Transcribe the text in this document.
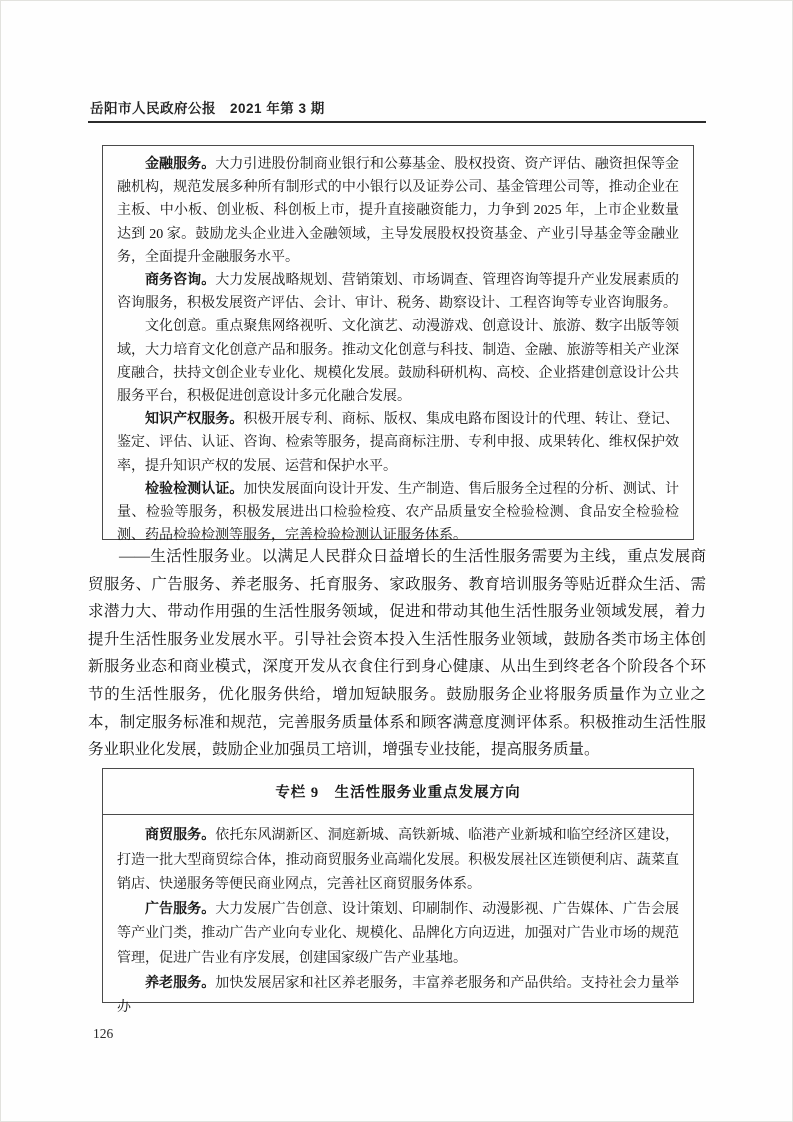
岳阳市人民政府公报　2021 年第 3 期

金融服务。大力引进股份制商业银行和公募基金、股权投资、资产评估、融资担保等金融机构，规范发展多种所有制形式的中小银行以及证券公司、基金管理公司等，推动企业在主板、中小板、创业板、科创板上市，提升直接融资能力，力争到 2025 年，上市企业数量达到 20 家。鼓励龙头企业进入金融领域，主导发展股权投资基金、产业引导基金等金融业务，全面提升金融服务水平。

商务咨询。大力发展战略规划、营销策划、市场调查、管理咨询等提升产业发展素质的咨询服务，积极发展资产评估、会计、审计、税务、勘察设计、工程咨询等专业咨询服务。

文化创意。重点聚焦网络视听、文化演艺、动漫游戏、创意设计、旅游、数字出版等领域，大力培育文化创意产品和服务。推动文化创意与科技、制造、金融、旅游等相关产业深度融合，扶持文创企业专业化、规模化发展。鼓励科研机构、高校、企业搭建创意设计公共服务平台，积极促进创意设计多元化融合发展。

知识产权服务。积极开展专利、商标、版权、集成电路布图设计的代理、转让、登记、鉴定、评估、认证、咨询、检索等服务，提高商标注册、专利申报、成果转化、维权保护效率，提升知识产权的发展、运营和保护水平。

检验检测认证。加快发展面向设计开发、生产制造、售后服务全过程的分析、测试、计量、检验等服务，积极发展进出口检验检疫、农产品质量安全检验检测、食品安全检验检测、药品检验检测等服务，完善检验检测认证服务体系。

——生活性服务业。以满足人民群众日益增长的生活性服务需要为主线，重点发展商贸服务、广告服务、养老服务、托育服务、家政服务、教育培训服务等贴近群众生活、需求潜力大、带动作用强的生活性服务领域，促进和带动其他生活性服务业领域发展，着力提升生活性服务业发展水平。引导社会资本投入生活性服务业领域，鼓励各类市场主体创新服务业态和商业模式，深度开发从衣食住行到身心健康、从出生到终老各个阶段各个环节的生活性服务，优化服务供给，增加短缺服务。鼓励服务企业将服务质量作为立业之本，制定服务标准和规范，完善服务质量体系和顾客满意度测评体系。积极推动生活性服务业职业化发展，鼓励企业加强员工培训，增强专业技能，提高服务质量。

专栏 9　生活性服务业重点发展方向

商贸服务。依托东风湖新区、洞庭新城、高铁新城、临港产业新城和临空经济区建设，打造一批大型商贸综合体，推动商贸服务业高端化发展。积极发展社区连锁便利店、蔬菜直销店、快递服务等便民商业网点，完善社区商贸服务体系。

广告服务。大力发展广告创意、设计策划、印刷制作、动漫影视、广告媒体、广告会展等产业门类，推动广告产业向专业化、规模化、品牌化方向迈进，加强对广告业市场的规范管理，促进广告业有序发展，创建国家级广告产业基地。

养老服务。加快发展居家和社区养老服务，丰富养老服务和产品供给。支持社会力量举办

126
